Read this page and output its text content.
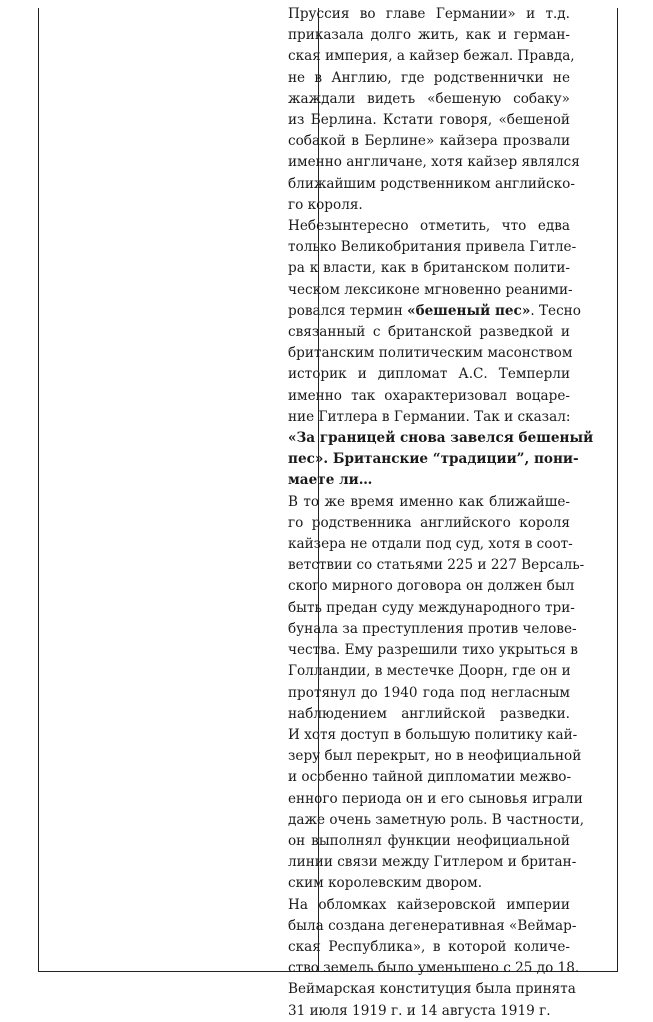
Пруссия во главе Германии» и т.д.
приказала долго жить, как и герман-
ская империя, а кайзер бежал. Правда,
не в Англию, где родственнички не
жаждали видеть «бешеную собаку»
из Берлина. Кстати говоря, «бешеной
собакой в Берлине» кайзера прозвали
именно англичане, хотя кайзер являлся
ближайшим родственником английско-
го короля.
Небезынтересно отметить, что едва
только Великобритания привела Гитле-
ра к власти, как в британском полити-
ческом лексиконе мгновенно реаними-
ровался термин «бешеный пес». Тесно
связанный с британской разведкой и
британским политическим масонством
историк и дипломат А.С. Темперли
именно так охарактеризовал воцаре-
ние Гитлера в Германии. Так и сказал:
«За границей снова завелся бешеный
пес». Британские “традиции”, пони-
маете ли…
В то же время именно как ближайше-
го родственника английского короля
кайзера не отдали под суд, хотя в соот-
ветствии со статьями 225 и 227 Версаль-
ского мирного договора он должен был
быть предан суду международного три-
бунала за преступления против челове-
чества. Ему разрешили тихо укрыться в
Голландии, в местечке Доорн, где он и
протянул до 1940 года под негласным
наблюдением английской разведки.
И хотя доступ в большую политику кай-
зеру был перекрыт, но в неофициальной
и особенно тайной дипломатии межво-
енного периода он и его сыновья играли
даже очень заметную роль. В частности,
он выполнял функции неофициальной
линии связи между Гитлером и британ-
ским королевским двором.
На обломках кайзеровской империи
была создана дегенеративная «Веймар-
ская Республика», в которой количе-
ство земель было уменьшено с 25 до 18.
Веймарская конституция была принята
31 июля 1919 г. и 14 августа 1919 г.
